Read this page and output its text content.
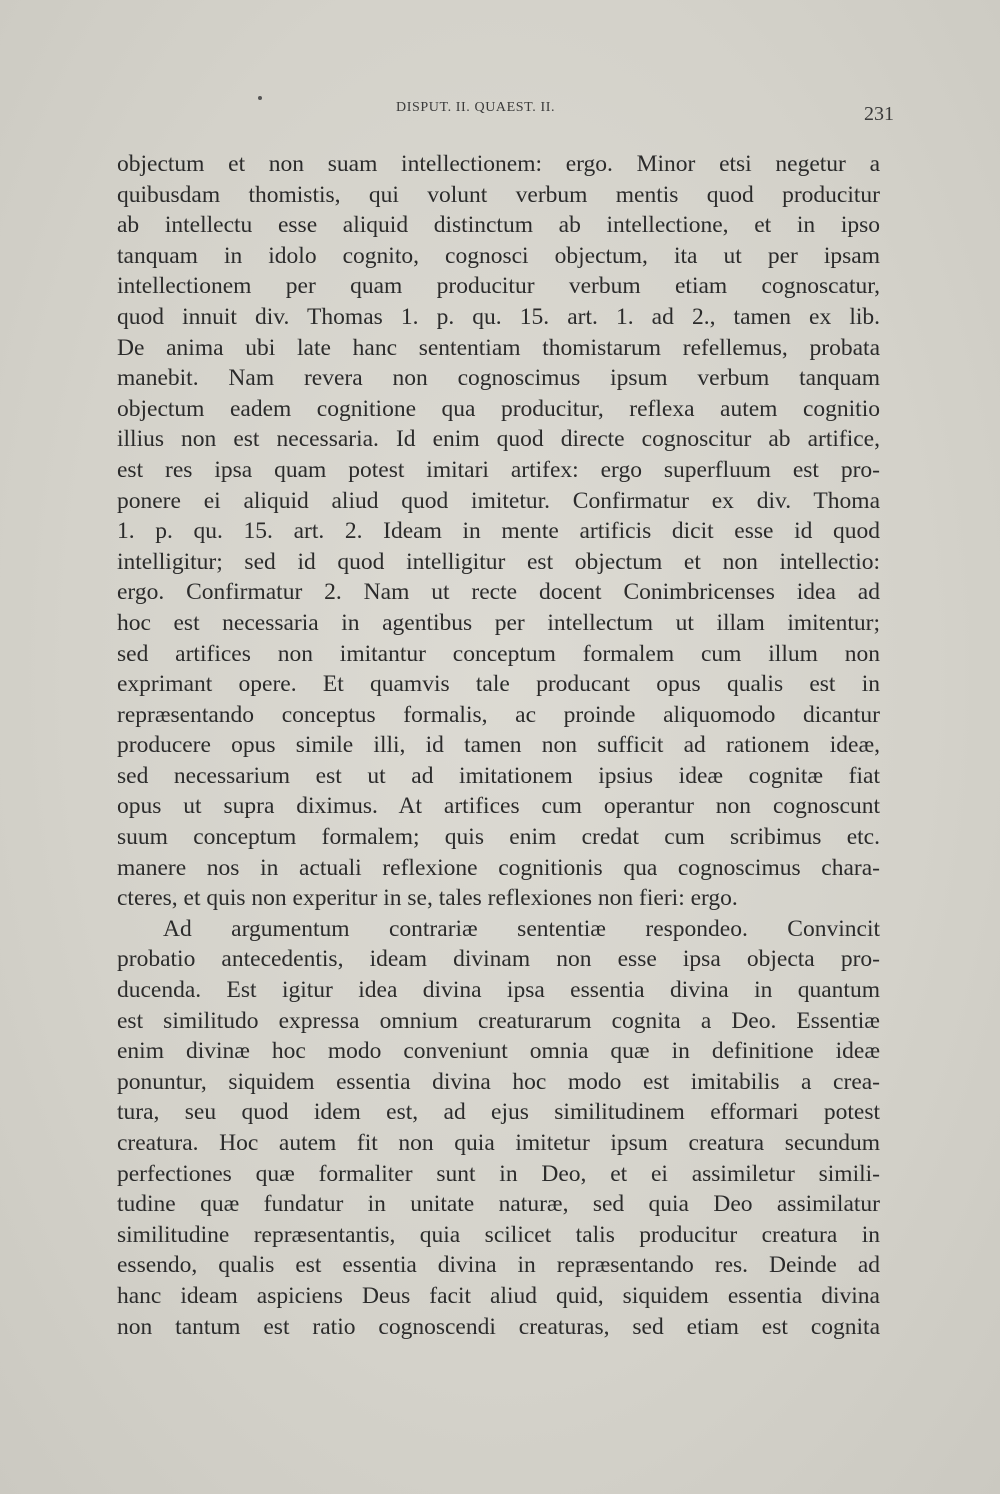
DISPUT. II. QUAEST. II.	231
objectum et non suam intellectionem: ergo. Minor etsi negetur a
quibusdam thomistis, qui volunt verbum mentis quod producitur
ab intellectu esse aliquid distinctum ab intellectione, et in ipso
tanquam in idolo cognito, cognosci objectum, ita ut per ipsam
intellectionem per quam producitur verbum etiam cognoscatur,
quod innuit div. Thomas 1. p. qu. 15. art. 1. ad 2., tamen ex lib.
De anima ubi late hanc sententiam thomistarum refellemus, probata
manebit. Nam revera non cognoscimus ipsum verbum tanquam
objectum eadem cognitione qua producitur, reflexa autem cognitio
illius non est necessaria. Id enim quod directe cognoscitur ab artifice,
est res ipsa quam potest imitari artifex: ergo superfluum est pro-
ponere ei aliquid aliud quod imitetur. Confirmatur ex div. Thoma
1. p. qu. 15. art. 2. Ideam in mente artificis dicit esse id quod
intelligitur; sed id quod intelligitur est objectum et non intellectio:
ergo. Confirmatur 2. Nam ut recte docent Conimbricenses idea ad
hoc est necessaria in agentibus per intellectum ut illam imitentur;
sed artifices non imitantur conceptum formalem cum illum non
exprimant opere. Et quamvis tale producant opus qualis est in
repræsentando conceptus formalis, ac proinde aliquomodo dicantur
producere opus simile illi, id tamen non sufficit ad rationem ideæ,
sed necessarium est ut ad imitationem ipsius ideæ cognitæ fiat
opus ut supra diximus. At artifices cum operantur non cognoscunt
suum conceptum formalem; quis enim credat cum scribimus etc.
manere nos in actuali reflexione cognitionis qua cognoscimus chara-
cteres, et quis non experitur in se, tales reflexiones non fieri: ergo.
Ad argumentum contrariæ sententiæ respondeo. Convincit
probatio antecedentis, ideam divinam non esse ipsa objecta pro-
ducenda. Est igitur idea divina ipsa essentia divina in quantum
est similitudo expressa omnium creaturarum cognita a Deo. Essentiæ
enim divinæ hoc modo conveniunt omnia quæ in definitione ideæ
ponuntur, siquidem essentia divina hoc modo est imitabilis a crea-
tura, seu quod idem est, ad ejus similitudinem efformari potest
creatura. Hoc autem fit non quia imitetur ipsum creatura secundum
perfectiones quæ formaliter sunt in Deo, et ei assimiletur simili-
tudine quæ fundatur in unitate naturæ, sed quia Deo assimilatur
similitudine repræsentantis, quia scilicet talis producitur creatura in
essendo, qualis est essentia divina in repræsentando res. Deinde ad
hanc ideam aspiciens Deus facit aliud quid, siquidem essentia divina
non tantum est ratio cognoscendi creaturas, sed etiam est cognita
